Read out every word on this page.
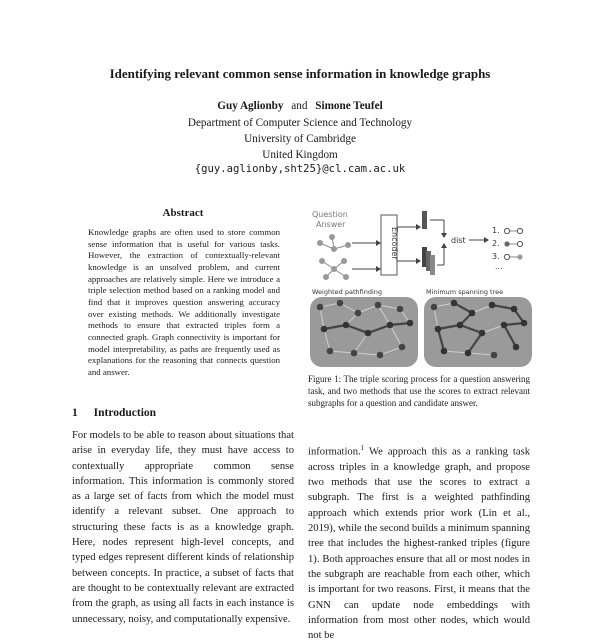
Identifying relevant common sense information in knowledge graphs
Guy Aglionby and Simone Teufel
Department of Computer Science and Technology
University of Cambridge
United Kingdom
{guy.aglionby,sht25}@cl.cam.ac.uk
Abstract
Knowledge graphs are often used to store common sense information that is useful for various tasks. However, the extraction of contextually-relevant knowledge is an unsolved problem, and current approaches are relatively simple. Here we introduce a triple selection method based on a ranking model and find that it improves question answering accuracy over existing methods. We additionally investigate methods to ensure that extracted triples form a connected graph. Graph connectivity is important for model interpretability, as paths are frequently used as explanations for the reasoning that connects question and answer.
1 Introduction
For models to be able to reason about situations that arise in everyday life, they must have access to contextually appropriate common sense information. This information is commonly stored as a large set of facts from which the model must identify a relevant subset. One approach to structuring these facts is as a knowledge graph. Here, nodes represent high-level concepts, and typed edges represent different kinds of relationship between concepts. In practice, a subset of facts that are thought to be contextually relevant are extracted from the graph, as using all facts in each instance is unnecessary, noisy, and computationally expensive.
information.$^1$ We approach this as a ranking task across triples in a knowledge graph, and propose two methods that use the scores to extract a subgraph. The first is a weighted pathfinding approach which extends prior work (Lin et al., 2019), while the second builds a minimum spanning tree that includes the highest-ranked triples (figure 1). Both approaches ensure that all or most nodes in the subgraph are reachable from each other, which is important for two reasons. First, it means that the GNN can update node embeddings with information from most other nodes, which would not be
Question
Answer
Encoder	dist
1.
2.
3.
...
Weighted pathfinding	Minimum spanning tree
Figure 1: The triple scoring process for a question answering task, and two methods that use the scores to extract relevant subgraphs for a question and candidate answer.
